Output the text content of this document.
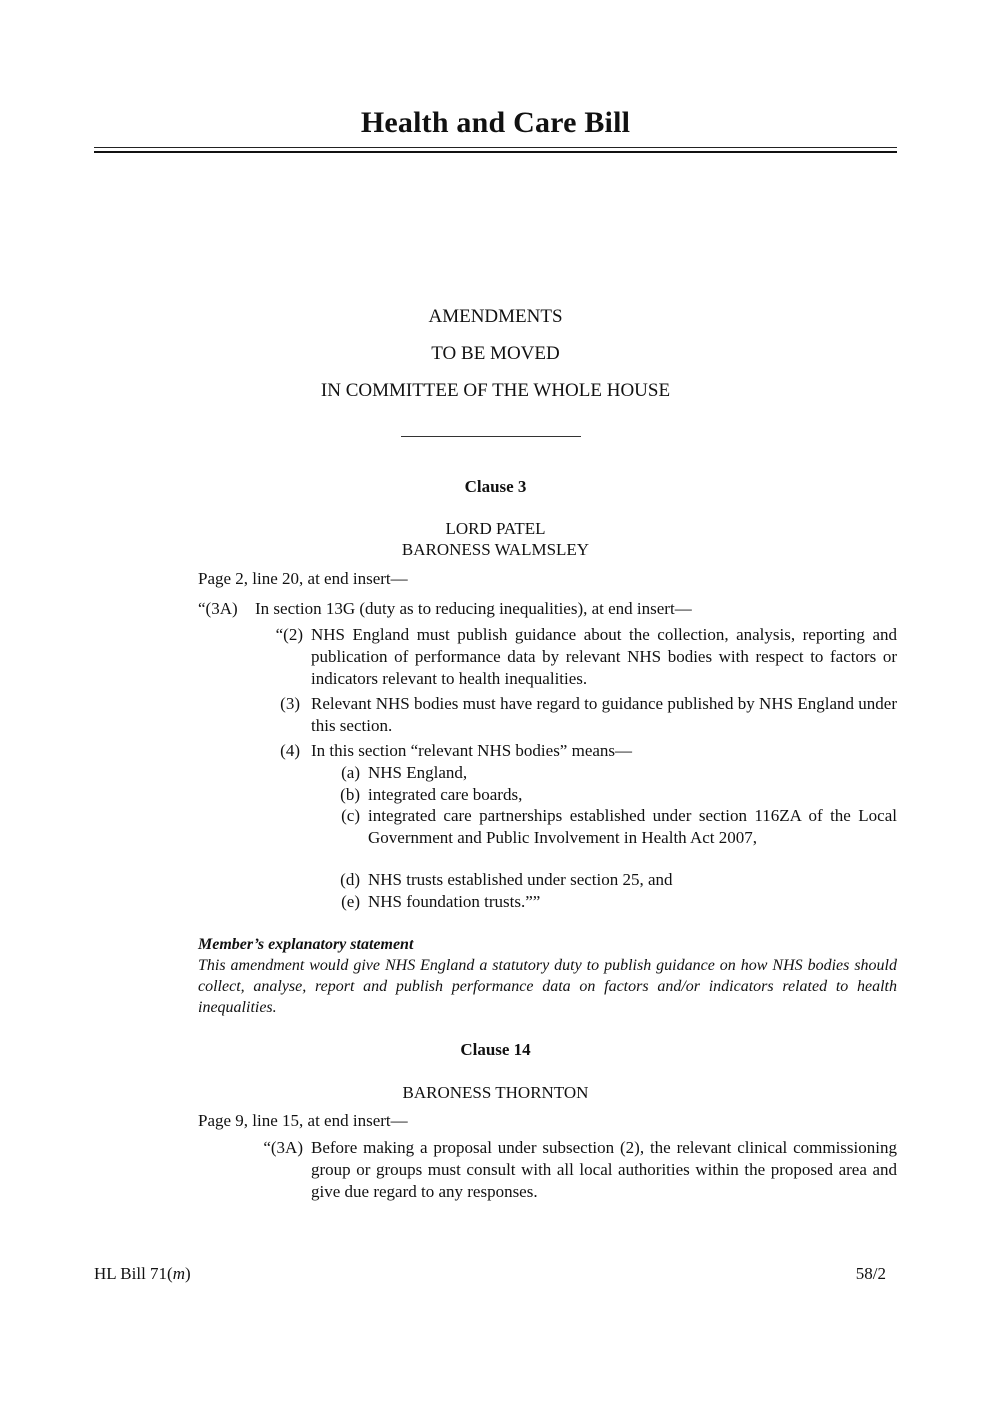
Health and Care Bill
AMENDMENTS
TO BE MOVED
IN COMMITTEE OF THE WHOLE HOUSE
Clause 3
LORD PATEL
BARONESS WALMSLEY
Page 2, line 20, at end insert—
“(3A) In section 13G (duty as to reducing inequalities), at end insert—
“(2) NHS England must publish guidance about the collection, analysis, reporting and publication of performance data by relevant NHS bodies with respect to factors or indicators relevant to health inequalities.
(3) Relevant NHS bodies must have regard to guidance published by NHS England under this section.
(4) In this section “relevant NHS bodies” means—
(a) NHS England,
(b) integrated care boards,
(c) integrated care partnerships established under section 116ZA of the Local Government and Public Involvement in Health Act 2007,
(d) NHS trusts established under section 25, and
(e) NHS foundation trusts.””
Member’s explanatory statement
This amendment would give NHS England a statutory duty to publish guidance on how NHS bodies should collect, analyse, report and publish performance data on factors and/or indicators related to health inequalities.
Clause 14
BARONESS THORNTON
Page 9, line 15, at end insert—
“(3A) Before making a proposal under subsection (2), the relevant clinical commissioning group or groups must consult with all local authorities within the proposed area and give due regard to any responses.
HL Bill 71(m)	58/2
